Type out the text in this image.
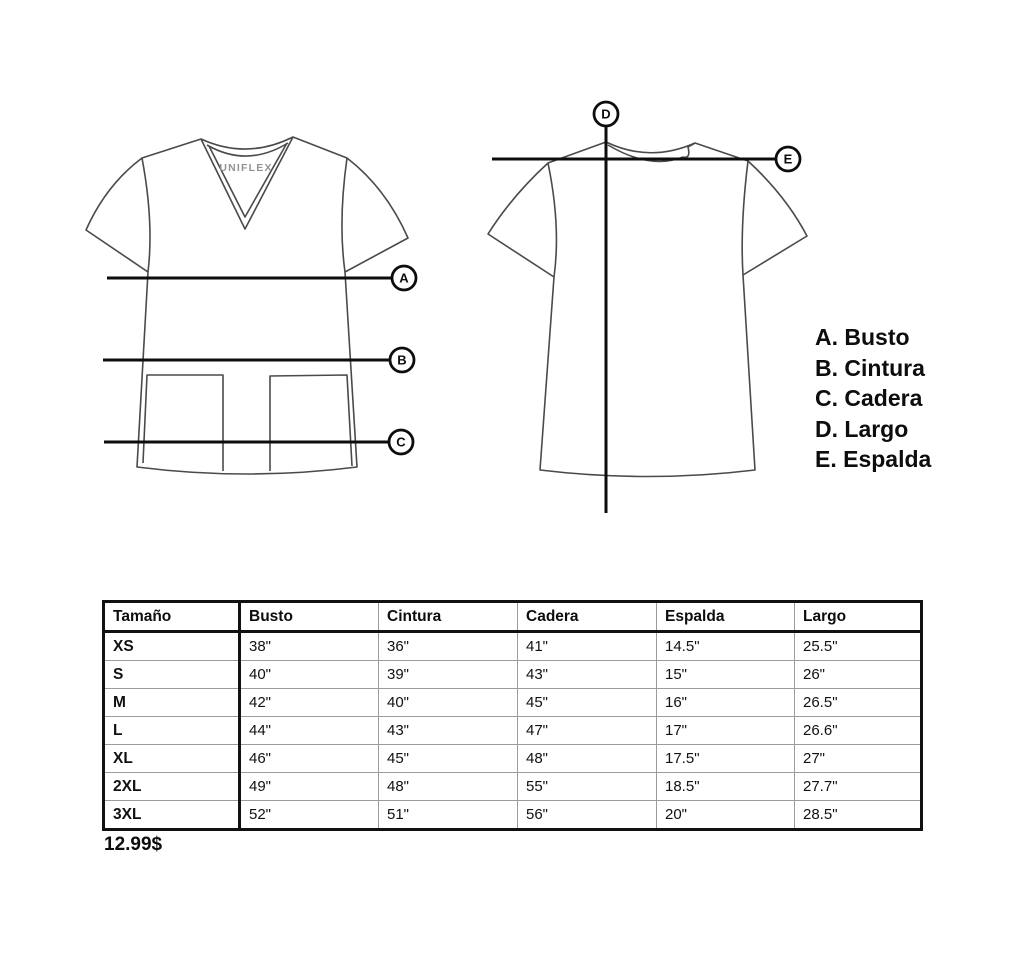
UNIFLEX
A
B
C
D
E
A. Busto
B. Cintura
C. Cadera
D. Largo
E. Espalda
Tamaño	Busto	Cintura	Cadera	Espalda	Largo
XS	38"	36"	41"	14.5"	25.5"
S	40"	39"	43"	15"	26"
M	42"	40"	45"	16"	26.5"
L	44"	43"	47"	17"	26.6"
XL	46"	45"	48"	17.5"	27"
2XL	49"	48"	55"	18.5"	27.7"
3XL	52"	51"	56"	20"	28.5"
12.99$
